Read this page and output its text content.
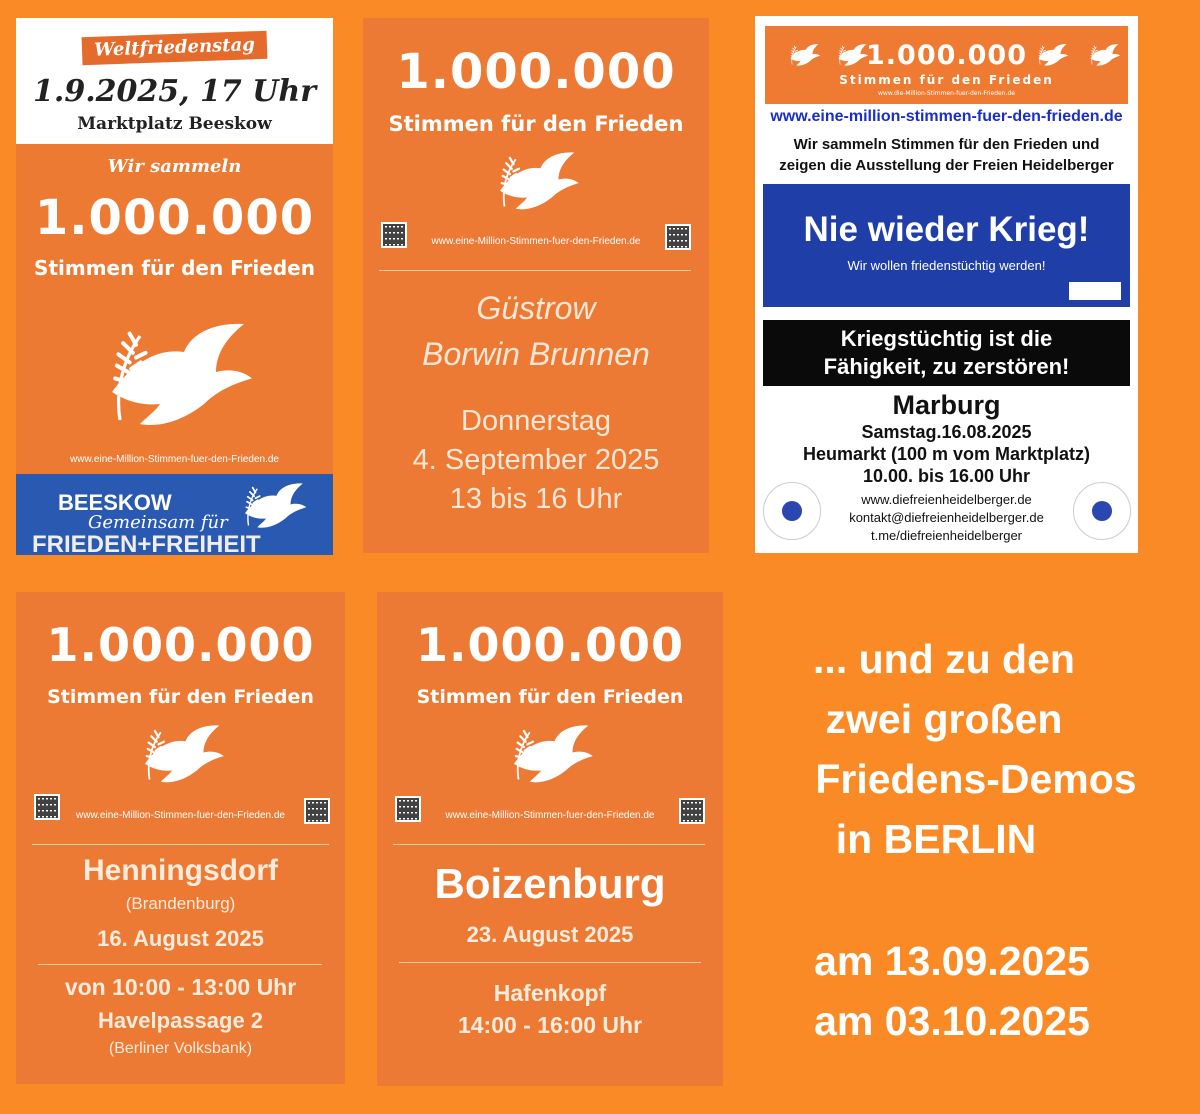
Weltfriedenstag
1.9.2025, 17 Uhr
Marktplatz Beeskow
Wir sammeln
1.000.000
Stimmen für den Frieden
www.eine-Million-Stimmen-fuer-den-Frieden.de
BEESKOW
Gemeinsam für
FRIEDEN+FREIHEIT
1.000.000
Stimmen für den Frieden
www.eine-Million-Stimmen-fuer-den-Frieden.de
Güstrow
Borwin Brunnen
Donnerstag
4. September 2025
13 bis 16 Uhr
1.000.000
Stimmen für den Frieden
www.die-Million-Stimmen-fuer-den-Frieden.de
www.eine-million-stimmen-fuer-den-frieden.de
Wir sammeln Stimmen für den Frieden und
zeigen die Ausstellung der Freien Heidelberger
Nie wieder Krieg!
Wir wollen friedenstüchtig werden!
Kriegstüchtig ist die
Fähigkeit, zu zerstören!
Marburg
Samstag.16.08.2025
Heumarkt (100 m vom Marktplatz)
10.00. bis 16.00 Uhr
www.diefreienheidelberger.de
kontakt@diefreienheidelberger.de
t.me/diefreienheidelberger
1.000.000
Stimmen für den Frieden
www.eine-Million-Stimmen-fuer-den-Frieden.de
Henningsdorf
(Brandenburg)
16. August 2025
von 10:00 - 13:00 Uhr
Havelpassage 2
(Berliner Volksbank)
1.000.000
Stimmen für den Frieden
www.eine-Million-Stimmen-fuer-den-Frieden.de
Boizenburg
23. August 2025
Hafenkopf
14:00 - 16:00 Uhr
... und zu den
zwei großen
Friedens-Demos
in BERLIN
am 13.09.2025
am 03.10.2025
